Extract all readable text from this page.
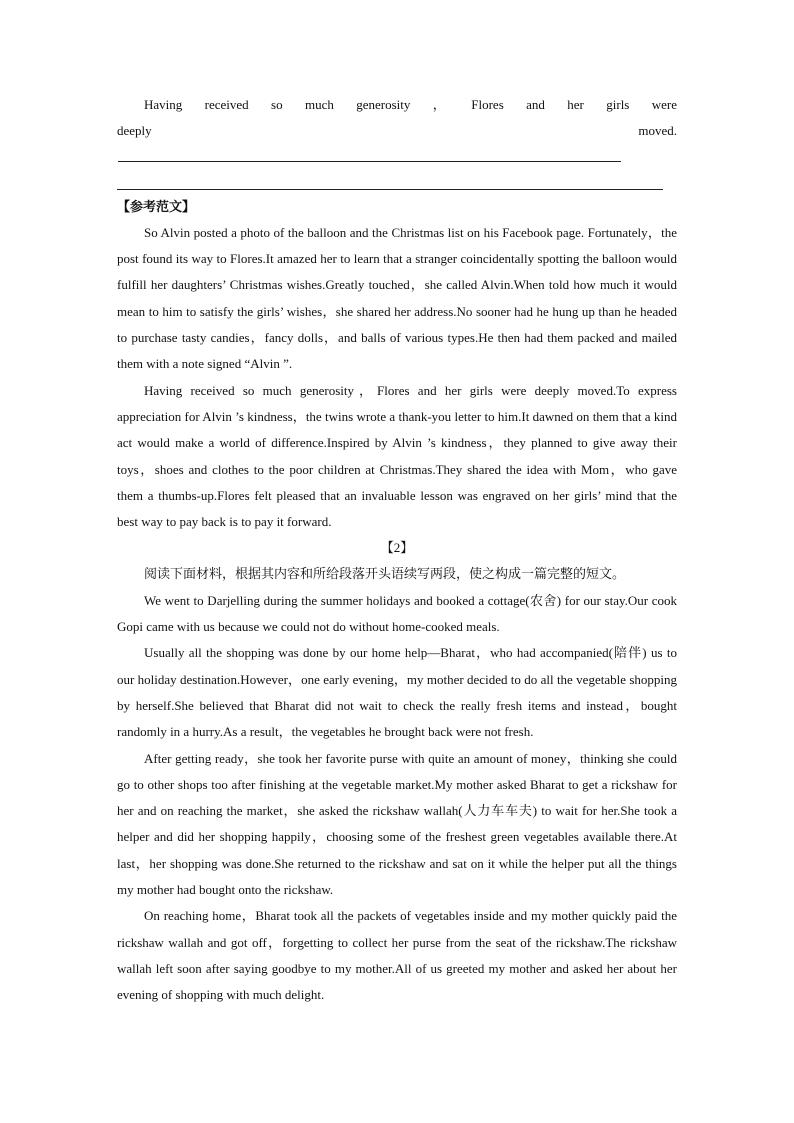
Having received so much generosity ， Flores and her girls were deeply moved.

【参考范文】

So Alvin posted a photo of the balloon and the Christmas list on his Facebook page. Fortunately，the post found its way to Flores.It amazed her to learn that a stranger coincidentally spotting the balloon would fulfill her daughters’ Christmas wishes.Greatly touched，she called Alvin.When told how much it would mean to him to satisfy the girls’ wishes，she shared her address.No sooner had he hung up than he headed to purchase tasty candies，fancy dolls，and balls of various types.He then had them packed and mailed them with a note signed “Alvin ”.

Having received so much generosity，Flores and her girls were deeply moved.To express appreciation for Alvin ’s kindness，the twins wrote a thank-you letter to him.It dawned on them that a kind act would make a world of difference.Inspired by Alvin ’s kindness，they planned to give away their toys，shoes and clothes to the poor children at Christmas.They shared the idea with Mom，who gave them a thumbs-up.Flores felt pleased that an invaluable lesson was engraved on her girls’ mind that the best way to pay back is to pay it forward.

【2】

阅读下面材料，根据其内容和所给段落开头语续写两段，使之构成一篇完整的短文。

We went to Darjelling during the summer holidays and booked a cottage(农舍) for our stay.Our cook Gopi came with us because we could not do without home-cooked meals.

Usually all the shopping was done by our home help—Bharat，who had accompanied(陪伴) us to our holiday destination.However，one early evening，my mother decided to do all the vegetable shopping by herself.She believed that Bharat did not wait to check the really fresh items and instead，bought randomly in a hurry.As a result，the vegetables he brought back were not fresh.

After getting ready，she took her favorite purse with quite an amount of money，thinking she could go to other shops too after finishing at the vegetable market.My mother asked Bharat to get a rickshaw for her and on reaching the market，she asked the rickshaw wallah(人力车车夫) to wait for her.She took a helper and did her shopping happily，choosing some of the freshest green vegetables available there.At last，her shopping was done.She returned to the rickshaw and sat on it while the helper put all the things my mother had bought onto the rickshaw.

On reaching home，Bharat took all the packets of vegetables inside and my mother quickly paid the rickshaw wallah and got off，forgetting to collect her purse from the seat of the rickshaw.The rickshaw wallah left soon after saying goodbye to my mother.All of us greeted my mother and asked her about her evening of shopping with much delight.
